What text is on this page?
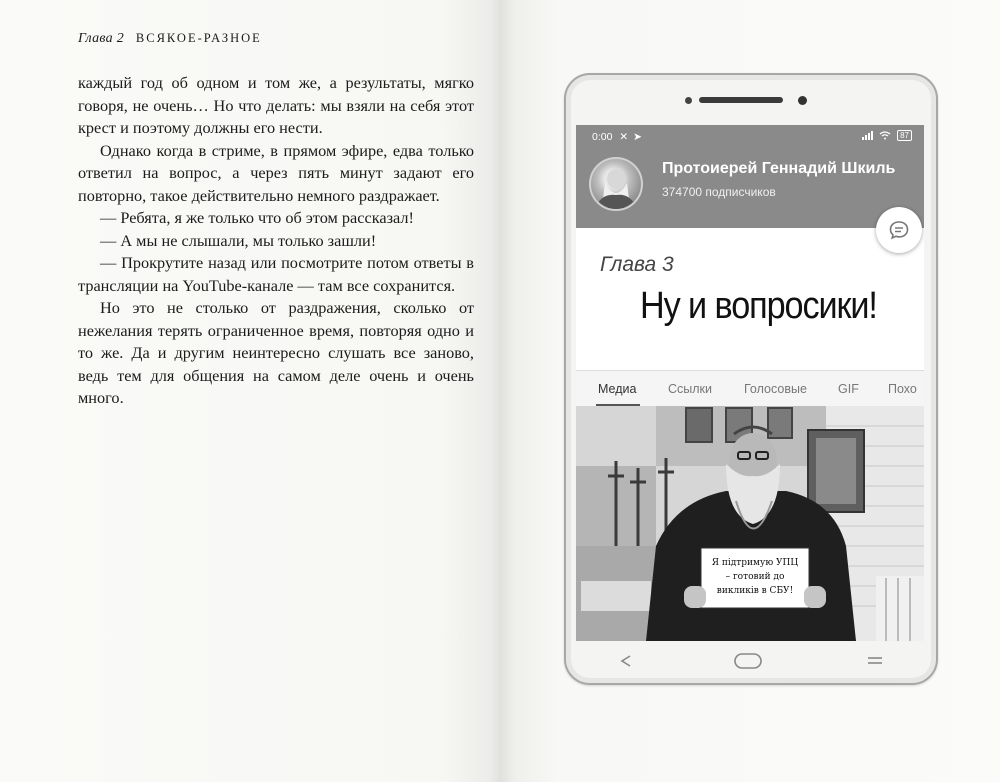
Глава 2 ВСЯКОЕ-РАЗНОЕ

каждый год об одном и том же, а результаты, мягко говоря, не очень… Но что делать: мы взяли на себя этот крест и поэтому должны его нести.

Однако когда в стриме, в прямом эфире, едва только ответил на вопрос, а через пять минут задают его повторно, такое действительно немного раздражает.

— Ребята, я же только что об этом рассказал!

— А мы не слышали, мы только зашли!

— Прокрутите назад или посмотрите потом ответы в трансляции на YouTube-канале — там все сохранится.

Но это не столько от раздражения, сколько от нежелания терять ограниченное время, повторяя одно и то же. Да и другим неинтересно слушать все заново, ведь тем для общения на самом деле очень и очень много.

0:00 ✕ ➤	87
Протоиерей Геннадий Шкиль
374700 подписчиков
Глава 3
Ну и вопросики!
Медиа	Ссылки	Голосовые GIF Похо
Я підтримую УПЦ
– готовий до
викликів в СБУ!
